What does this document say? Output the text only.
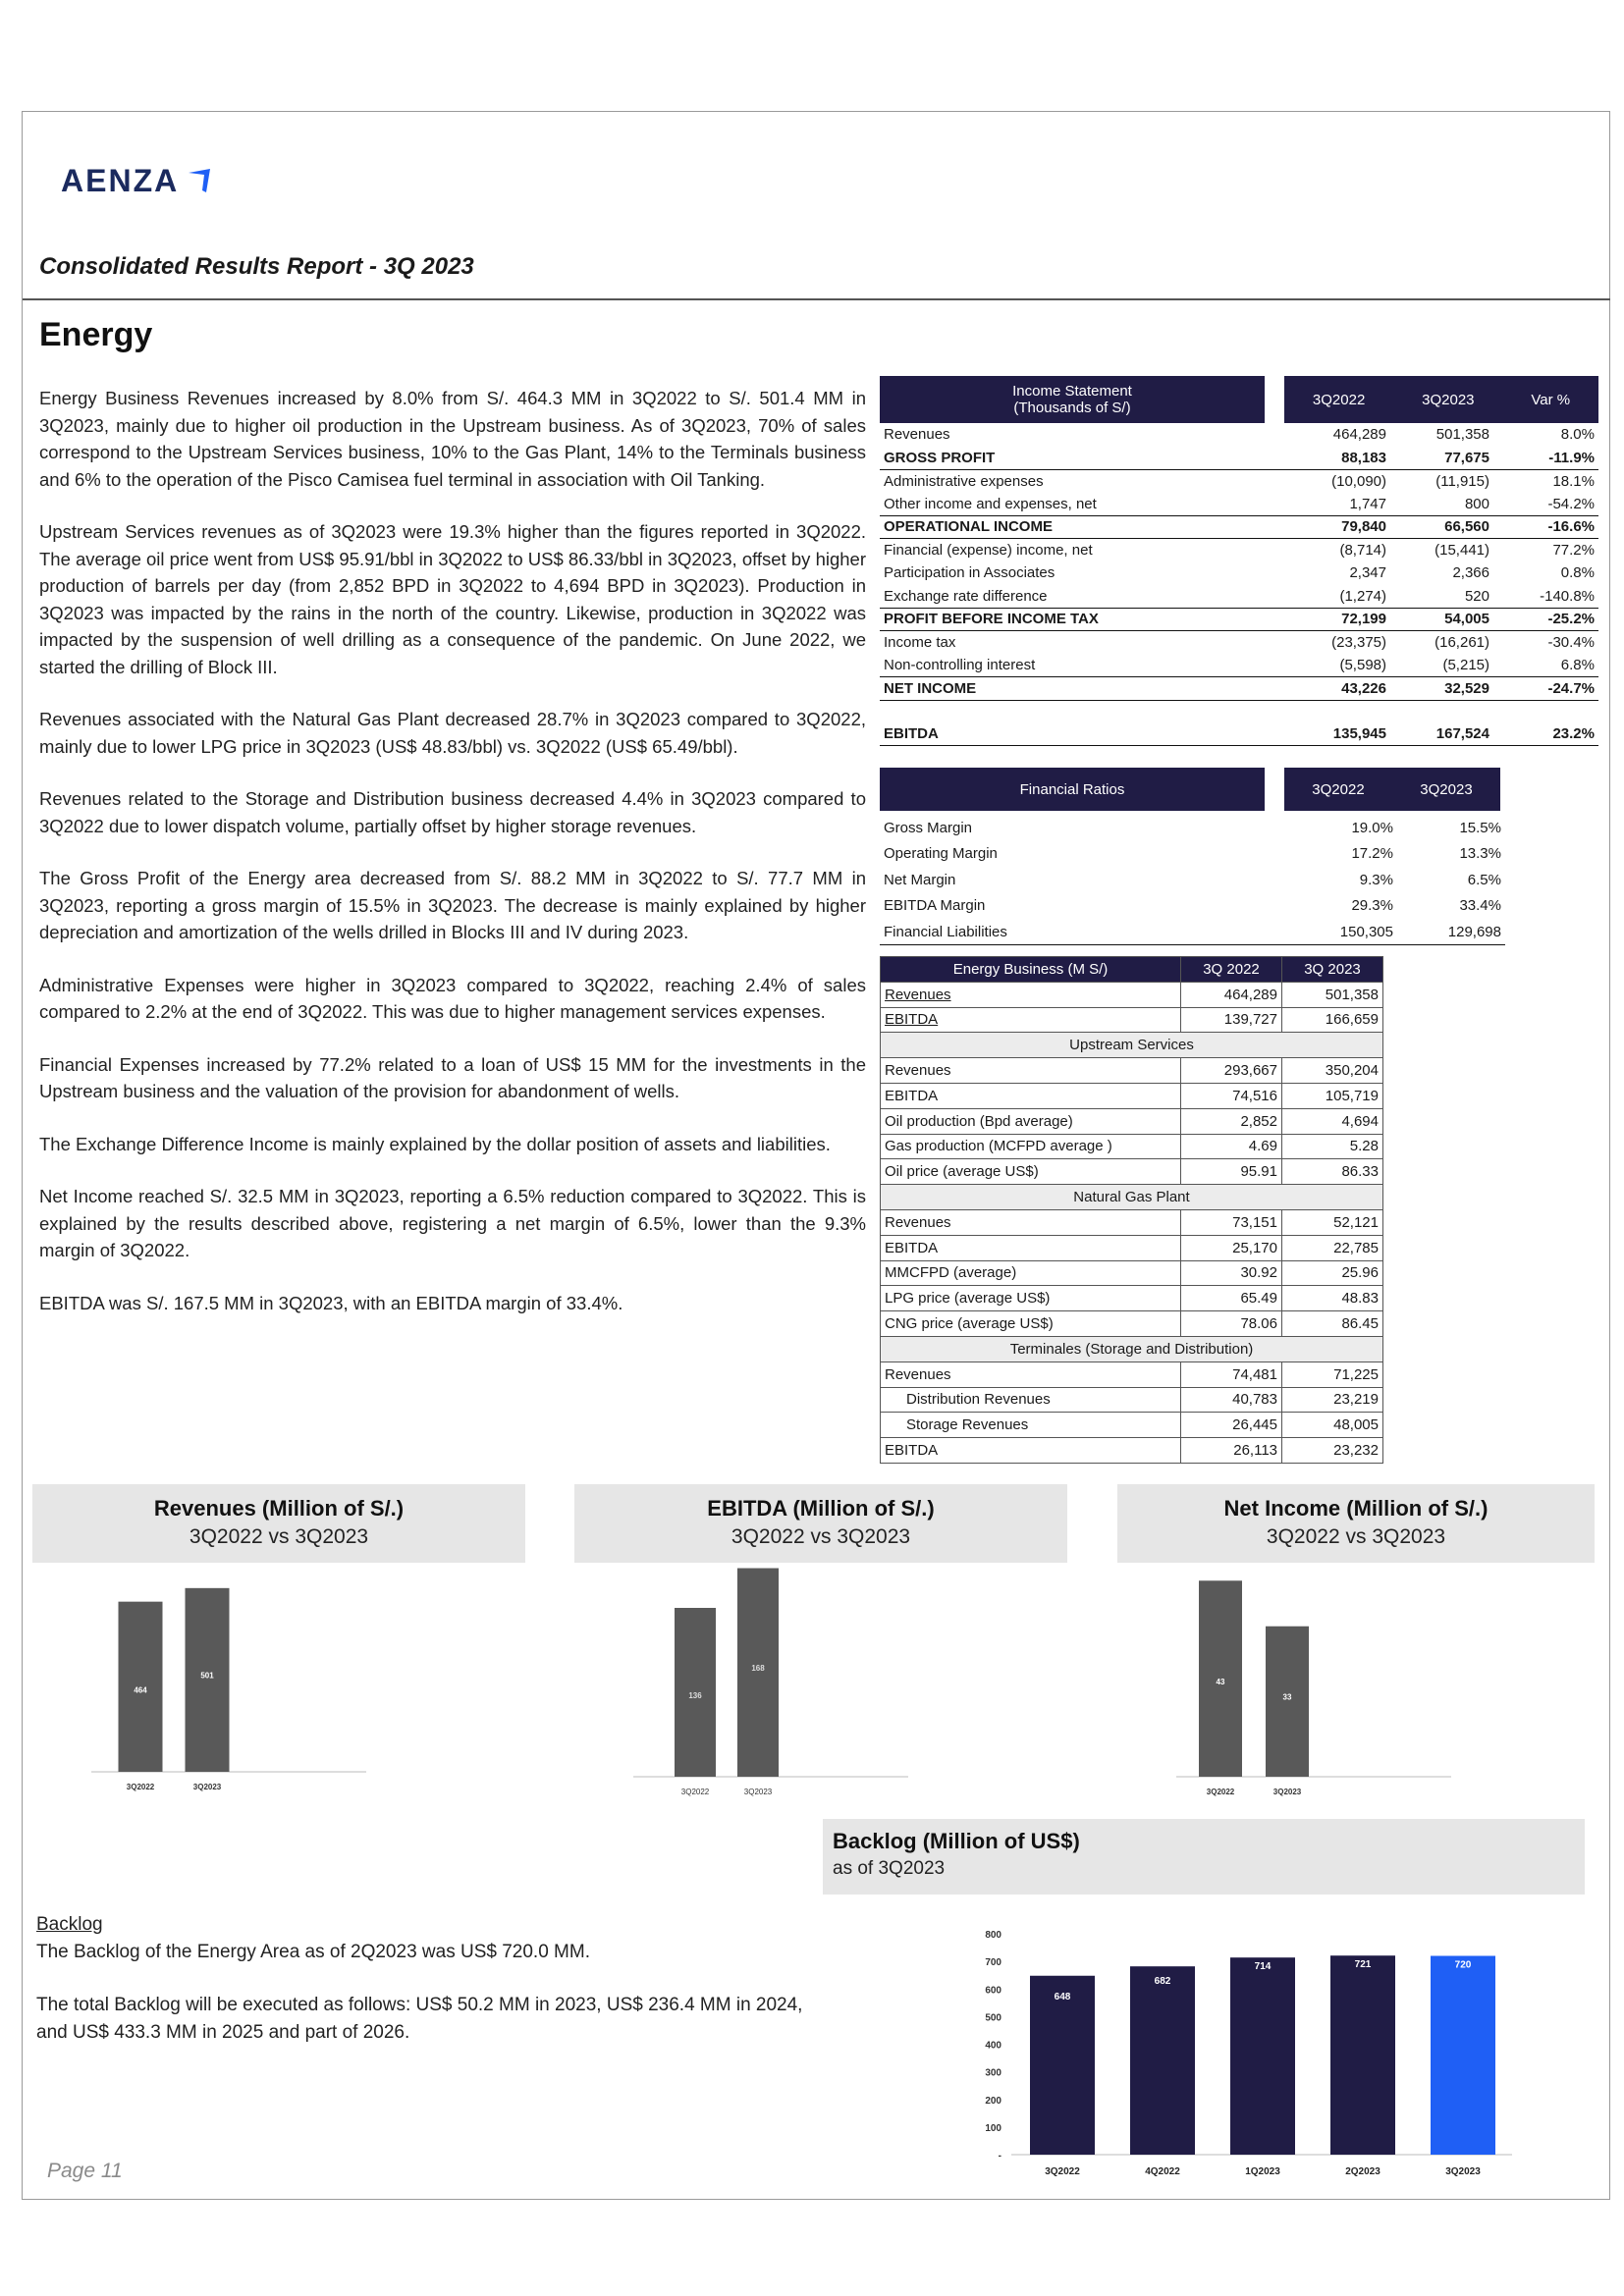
AENZA
Consolidated Results Report - 3Q 2023
Energy

Energy Business Revenues increased by 8.0% from S/. 464.3 MM in 3Q2022 to S/. 501.4 MM in 3Q2023, mainly due to higher oil production in the Upstream business. As of 3Q2023, 70% of sales correspond to the Upstream Services business, 10% to the Gas Plant, 14% to the Terminals business and 6% to the operation of the Pisco Camisea fuel terminal in association with Oil Tanking.

Upstream Services revenues as of 3Q2023 were 19.3% higher than the figures reported in 3Q2022. The average oil price went from US$ 95.91/bbl in 3Q2022 to US$ 86.33/bbl in 3Q2023, offset by higher production of barrels per day (from 2,852 BPD in 3Q2022 to 4,694 BPD in 3Q2023). Production in 3Q2023 was impacted by the rains in the north of the country. Likewise, production in 3Q2022 was impacted by the suspension of well drilling as a consequence of the pandemic. On June 2022, we started the drilling of Block III.

Revenues associated with the Natural Gas Plant decreased 28.7% in 3Q2023 compared to 3Q2022, mainly due to lower LPG price in 3Q2023 (US$ 48.83/bbl) vs. 3Q2022 (US$ 65.49/bbl).

Revenues related to the Storage and Distribution business decreased 4.4% in 3Q2023 compared to 3Q2022 due to lower dispatch volume, partially offset by higher storage revenues.

The Gross Profit of the Energy area decreased from S/. 88.2 MM in 3Q2022 to S/. 77.7 MM in 3Q2023, reporting a gross margin of 15.5% in 3Q2023. The decrease is mainly explained by higher depreciation and amortization of the wells drilled in Blocks III and IV during 2023.

Administrative Expenses were higher in 3Q2023 compared to 3Q2022, reaching 2.4% of sales compared to 2.2% at the end of 3Q2022. This was due to higher management services expenses.

Financial Expenses increased by 77.2% related to a loan of US$ 15 MM for the investments in the Upstream business and the valuation of the provision for abandonment of wells.

The Exchange Difference Income is mainly explained by the dollar position of assets and liabilities.

Net Income reached S/. 32.5 MM in 3Q2023, reporting a 6.5% reduction compared to 3Q2022. This is explained by the results described above, registering a net margin of 6.5%, lower than the 9.3% margin of 3Q2022.

EBITDA was S/. 167.5 MM in 3Q2023, with an EBITDA margin of 33.4%.

Income Statement
(Thousands of S/)	3Q2022	3Q2023	Var %
Revenues	464,289	501,358	8.0%
GROSS PROFIT	88,183	77,675	-11.9%
Administrative expenses	(10,090)	(11,915)	18.1%
Other income and expenses, net	1,747	800	-54.2%
OPERATIONAL INCOME	79,840	66,560	-16.6%
Financial (expense) income, net	(8,714)	(15,441)	77.2%
Participation in Associates	2,347	2,366	0.8%
Exchange rate difference	(1,274)	520	-140.8%
PROFIT BEFORE INCOME TAX	72,199	54,005	-25.2%
Income tax	(23,375)	(16,261)	-30.4%
Non-controlling interest	(5,598)	(5,215)	6.8%
NET INCOME	43,226	32,529	-24.7%

EBITDA	135,945	167,524	23.2%
Financial Ratios	3Q2022	3Q2023
Gross Margin	19.0%	15.5%
Operating Margin	17.2%	13.3%
Net Margin	9.3%	6.5%
EBITDA Margin	29.3%	33.4%
Financial Liabilities	150,305	129,698
Energy Business (M S/)	3Q 2022	3Q 2023
Revenues	464,289	501,358
EBITDA	139,727	166,659
Upstream Services		
Revenues	293,667	350,204
EBITDA	74,516	105,719
Oil production (Bpd average)	2,852	4,694
Gas production (MCFPD average )	4.69	5.28
Oil price (average US$)	95.91	86.33
Natural Gas Plant		
Revenues	73,151	52,121
EBITDA	25,170	22,785
MMCFPD (average)	30.92	25.96
LPG price (average US$)	65.49	48.83
CNG price (average US$)	78.06	86.45
Terminales (Storage and Distribution)		
Revenues	74,481	71,225
Distribution Revenues	40,783	23,219
Storage Revenues	26,445	48,005
EBITDA	26,113	23,232
Revenues (Million of S/.)
3Q2022 vs 3Q2023
EBITDA (Million of S/.)
3Q2022 vs 3Q2023
Net Income (Million of S/.)
3Q2022 vs 3Q2023
464
3Q2022
501
3Q2023
136
3Q2022
168
3Q2023
43
3Q2022
33
3Q2023
Backlog (Million of US$)
as of 3Q2023
-
100
200
300
400
500
600
700
800
648
3Q2022
682
4Q2022
714
1Q2023
721
2Q2023
720
3Q2023
Backlog

The Backlog of the Energy Area as of 2Q2023 was US$ 720.0 MM.

The total Backlog will be executed as follows: US$ 50.2 MM in 2023, US$ 236.4 MM in 2024, and US$ 433.3 MM in 2025 and part of 2026.

Page 11
